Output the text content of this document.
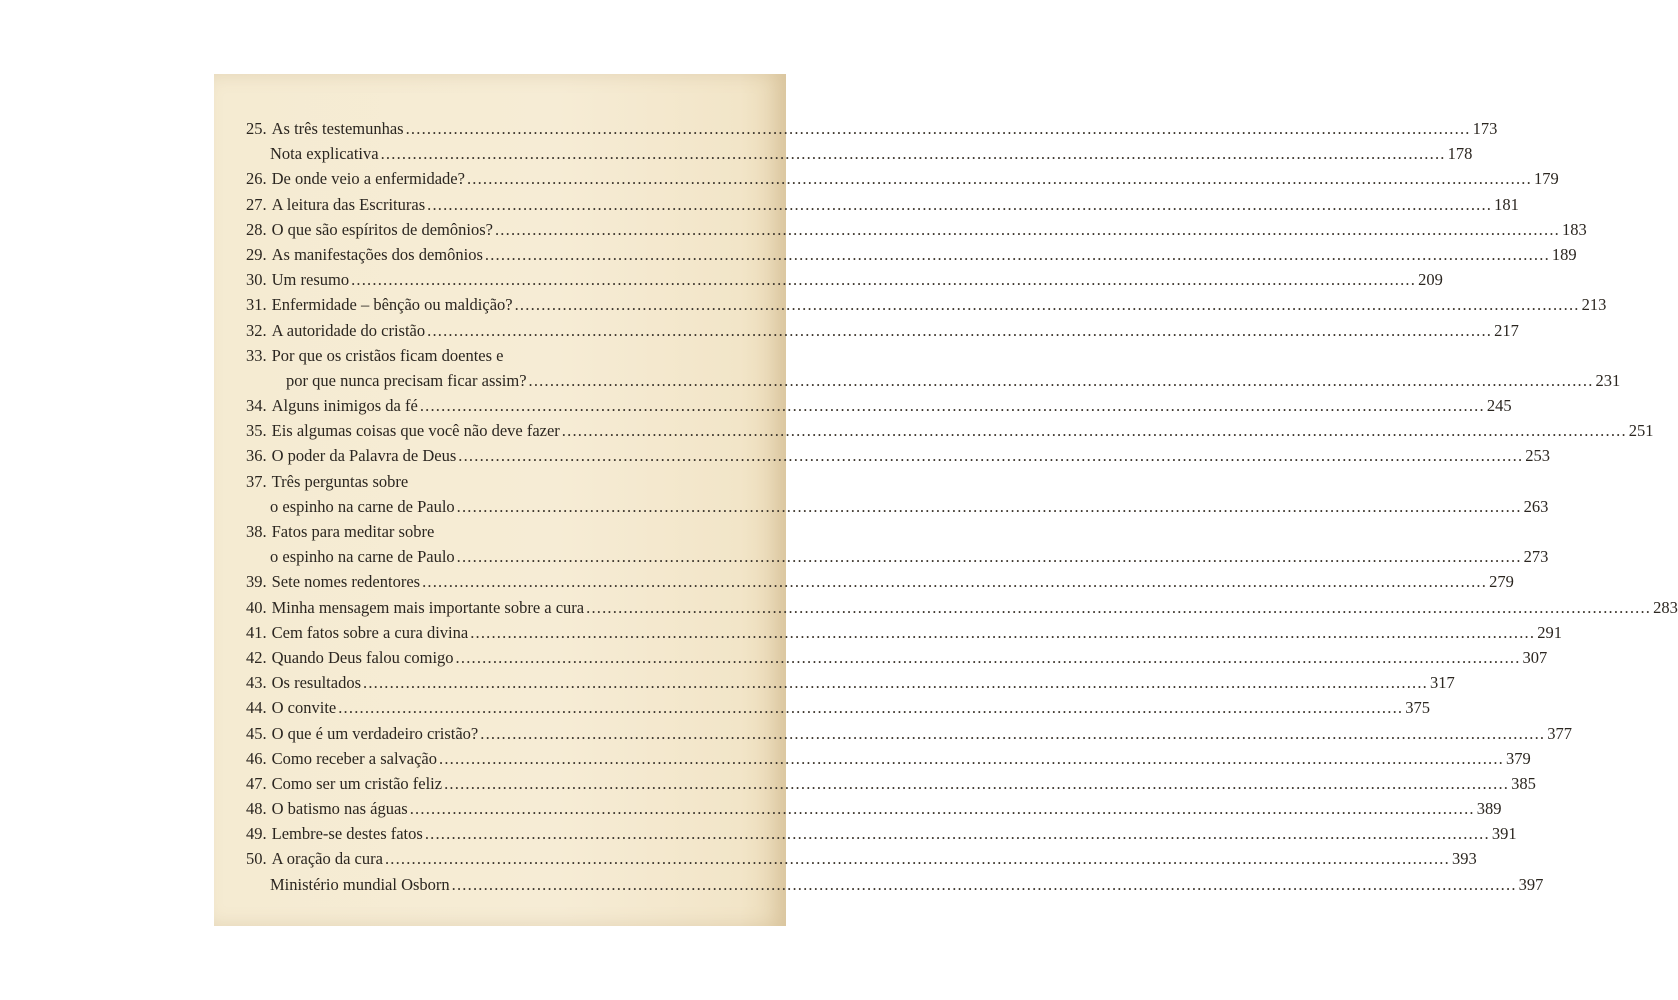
25. As três testemunhas .....	173
Nota explicativa .....	178
26. De onde veio a enfermidade? .....	179
27. A leitura das Escrituras .....	181
28. O que são espíritos de demônios? .....	183
29. As manifestações dos demônios .....	189
30. Um resumo .....	209
31. Enfermidade – bênção ou maldição? .....	213
32. A autoridade do cristão .....	217
33. Por que os cristãos ficam doentes e
por que nunca precisam ficar assim? .....	231
34. Alguns inimigos da fé .....	245
35. Eis algumas coisas que você não deve fazer .....	251
36. O poder da Palavra de Deus .....	253
37. Três perguntas sobre
o espinho na carne de Paulo .....	263
38. Fatos para meditar sobre
o espinho na carne de Paulo .....	273
39. Sete nomes redentores .....	279
40. Minha mensagem mais importante sobre a cura .....	283
41. Cem fatos sobre a cura divina .....	291
42. Quando Deus falou comigo .....	307
43. Os resultados .....	317
44. O convite .....	375
45. O que é um verdadeiro cristão? .....	377
46. Como receber a salvação .....	379
47. Como ser um cristão feliz .....	385
48. O batismo nas águas .....	389
49. Lembre-se destes fatos .....	391
50. A oração da cura .....	393
Ministério mundial Osborn .....	397
